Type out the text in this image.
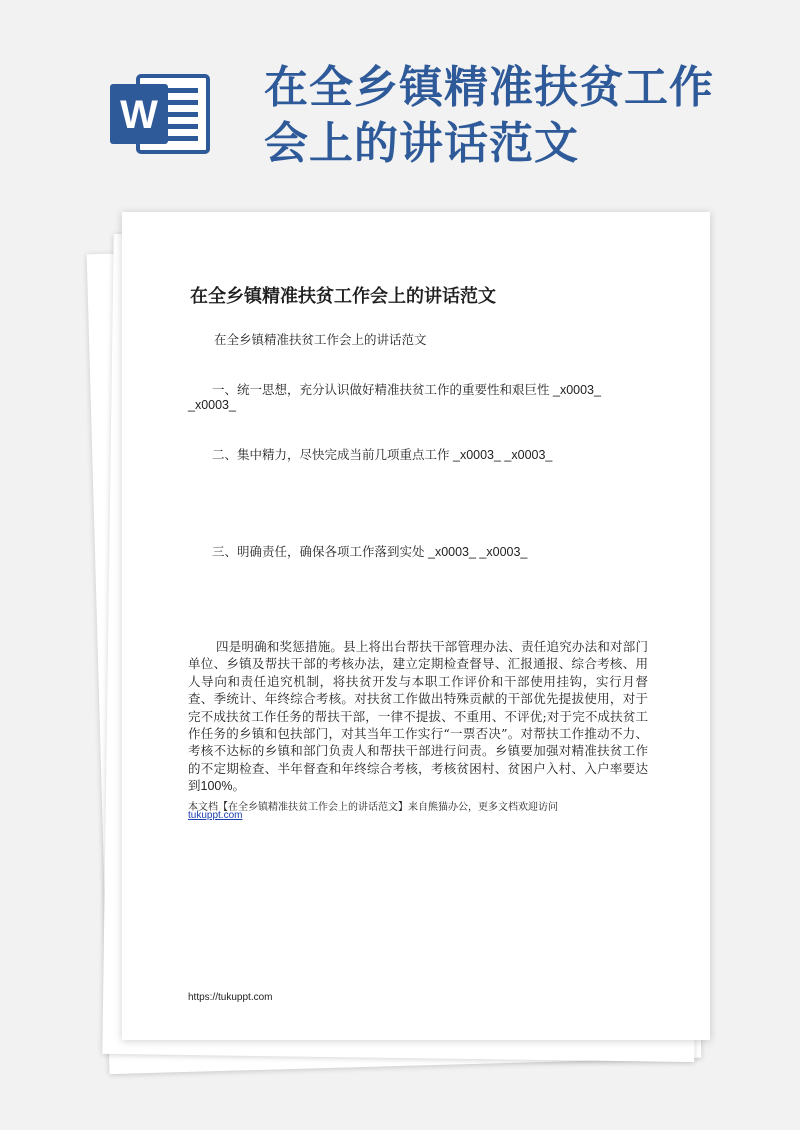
W
在全乡镇精准扶贫工作
会上的讲话范文
在全乡镇精准扶贫工作会上的讲话范文
在全乡镇精准扶贫工作会上的讲话范文
一、统一思想，充分认识做好精准扶贫工作的重要性和艰巨性 _x0003_
_x0003_
二、集中精力，尽快完成当前几项重点工作 _x0003_ _x0003_
三、明确责任，确保各项工作落到实处 _x0003_ _x0003_
四是明确和奖惩措施。县上将出台帮扶干部管理办法、责任追究办法和对部门单位、乡镇及帮扶干部的考核办法，建立定期检查督导、汇报通报、综合考核、用人导向和责任追究机制，将扶贫开发与本职工作评价和干部使用挂钩，实行月督查、季统计、年终综合考核。对扶贫工作做出特殊贡献的干部优先提拔使用，对于完不成扶贫工作任务的帮扶干部，一律不提拔、不重用、不评优;对于完不成扶贫工作任务的乡镇和包扶部门，对其当年工作实行“一票否决”。对帮扶工作推动不力、考核不达标的乡镇和部门负责人和帮扶干部进行问责。乡镇要加强对精准扶贫工作的不定期检查、半年督查和年终综合考核，考核贫困村、贫困户入村、入户率要达到100%。
本文档【在全乡镇精准扶贫工作会上的讲话范文】来自熊猫办公，更多文档欢迎访问
tukuppt.com
https://tukuppt.com
